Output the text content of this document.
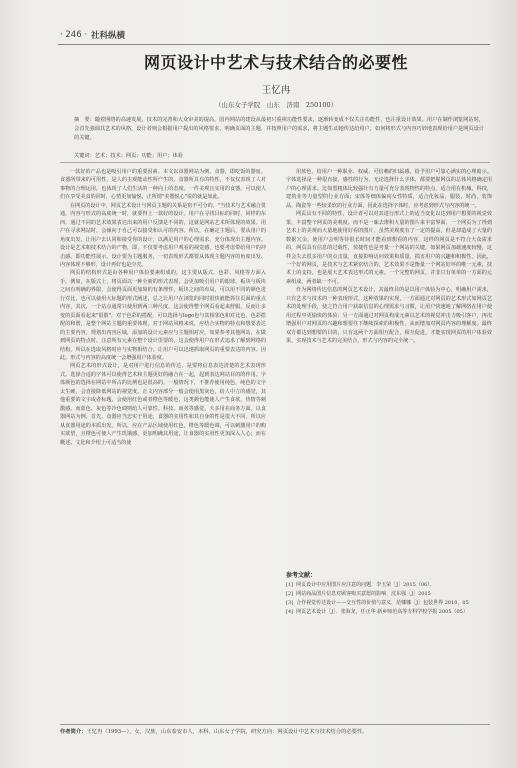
· 246 · 社科纵横
网页设计中艺术与技术结合的必要性
王忆冉
（山东女子学院　山东　济南　250100）
摘　要：随着网络的高速发展，技术的完善和大众审美的提高，国内网站的建设从最初只重视功能性要求，逐渐转变成不仅关注功能性，也注重设计效果。用户在制作浏览网站时，会首先强调其艺术的风格，设计者则会根据用户提出的风格要求，明确页面的主题，并按照用户的需求，将主题生动地传达给用户，如何将形式与内容巧妙地表现给用户是网页设计的关键。
关键词：艺术；技术；网页；功能；用户；体验

一款好的产品也是吸引用户的重要因素。本文以食器网站为例，食器，即吃饭的器皿。食器所带来的可用性，是人的主观能动性所产生的，食器所具有的特性，不仅仅表现了人对事物的合理运用，也体现了人们生活的一种向上的态度。一件美观且实用的食器，可以使人们在享受美食的同时，心情更加愉悦，正所谓"美器悦心"说的就是如此。

在网页的设计中，网页艺术设计与网页主题的关系是密不可分的，"当技术与艺术融合贯通，内容与形式的高度统一时，就要得上一款好的设计。用户在寻找目标的同时，同样的东西，通过不同的艺术效果表达出来的用户反馈是不同的，这就是网站艺术所体现的效果。用户在寻求网站时，会倾向于自己可以接受和认可的内容。所以，在确定主题后，要从用户的角度出发，让用户去认同和接受你的设计，以满足用户的心理需求，充分体现出主题内容。设计是艺术和技术结合的产物，即，不仅要考虑用户观看的视觉感，也要考虑带给用户的冲击感、即功能性展示。设计要为主题服务，一切表现形式都要从体现主题内容的角度出发。内容体现不够形，设计再好也是空壳。

网页的结构形式是由各种用户体验要素组成的，这主要从版式、色彩、风格等方面入手。例如，在版式上，将页面以一种全新的形式表现，会更加吸引用户的眼球。板块与板块之间有明确的界限，会使得页面更加简约有条理性，板块之间的布局，可以用不同的颜色进行对比，也可以使用大标题的形式阐述，总之让用户在浏览的同时很快就能抓住页面的重点内容，其次，一个站点通常只使用到两三种尺度，这会使得整个网页看起来舒服，反而让多变的页面看起来"很散"，对于色彩的搭配，可以选择与logo色与其相邻色和对比色，色彩搭配的和谐，是整个网站主题的重要体现。对于网站风格来说，应结合实物的特点和想要表达的主要内容，规划出内容区域，添加的设计元素应与主题相对应。如果参考其他网站，在做到网页的特点时，注意所有元素在整个设计里要的，这会使得用户在形式追求了解到网络的结构，所以在选取风格时应与实物相结合。让用户可以迅速抓取网页的重要表达的内容。因此，形式与内容的高度统一会增强用户体验度。

网页艺术的形式设计，是对用户进行信息的传达，是要将信息表达清楚的艺术表现形式。选择合适的字体可以使得艺术和主题更好的融合在一起，起到表达网站目的的作用。字体颜色的选择在网站中所占的比例也是很高的。一般情况下，不推荐使用纯色，纯色的文字太生硬，会直接降低网站的视觉度。正文内容部分一般会使用黑灰色，给人中立的感觉，其他重要的文字或者标题，会使用红色或者橙色等暖色，这类颜色能使人产生食欲，热情等刺激感。而蓝色、灰色等冷色调则给人可靠性、科技、商务等感觉，大多用在商务方面。以食器网站为例，首先，食器应当忠实于用途，食器的实用性和其自身的性是很大不同，所以应从食器用途的本质出发。所以，应在产品区域使用红色，橙色等暖色调，可以刺激用户的购买欲望，且橙色可使人产生饥饿感，更加明确其用途，让食器的实用性更加深入人心；而在概述、文化和介绍上可适当的使

用蓝色，给用户一种职业、权威、可信赖的归属感，给予用户可靠心满实的心理暗示。字体选择是一种很直接、感性的行为，无论选择什么字体，都要把握网页的总体风格确定用户的心理需求。比如黑粗体比较强壮有力量可充分表现物性的特点，适合用在机械、科技，建筑业等力量型的行业方面；宋体等细体偏向女性特质，适合化妆品，服装，时尚，装饰品，陶瓷等一些较柔软的行业方面，因此在选择字体时，应考虑到形式与内容的统一。

网页具有不同的特性，设计者可以对其进行形式上的适当变化以达到用户想要的视觉效果，丰富整个网页的美观度。而不是一味去堆积大量的图片来丰富界面，一个网页为了得到艺术上的美观而大量地使用好看的图片，虽然美观度有了一定的提高，但是却造成了大量的数据冗余，使用户会明等待很长时间才能看到想看的内容，这样的网页是不符合大众需求的，网页具有信息的过载性，快捷性也是考量一个网站的关键。如果网页加载速度较慢，这样会失去很多用户的点击量，直接影响访问效果和质量，损害用户的兴趣和积极性。因此，一个好的网页，是技术与艺术紧密结合的，艺术效果不是衡量一个网站好坏的唯一元素，技术上的支持，也是展大艺术表达形式的元素。一个完整的网页，并非只有单单的一方面的元素组成，两者缺一不可。

作为网络传达信息的网页艺术设计，其最终目的是以用户体验为中心，明确用户需求，只有艺术与技术的一种表现形式，这种效果的实现，一方面通过对网页的艺术形式如网页艺术的处理手段，使之符合用户获取信息的心理需求与习惯，让用户快速地了解网络在用户使用过程中更愉快的体验；另一方面通过对网页构成元素以艺术的视觉冲击力吸引客户，再次增强用户对网页的兴趣和想要往下继续探索的积极性，从而增加对网页内容的理解度。最终双方都达到想要的目的，只有这两个方面相互配合，相互促进，才能实现网页的用户体验效果，实现技术与艺术的完美结合，形式与内容的完全统一。

参考文献：
[1] 网页设计中应用图片应注意的问题．李玉荣［J］2015（06）．
[2] 网站商品图片信息对顾客购买意愿的影响．沈东强［J］2015
[3] 合作视觉传达设计——交互性的价值与意义．范娜娜［J］包装世界 2010，05
[4] 网页艺术设计［J］．张海龙，任正华 新乡师范高等专科学校学报 2005（05）
作者简介：王忆冉（1993—），女，汉族，山东泰安市人，本科，山东女子学院，研究方向：网页设计中艺术与技术结合的必要性。
